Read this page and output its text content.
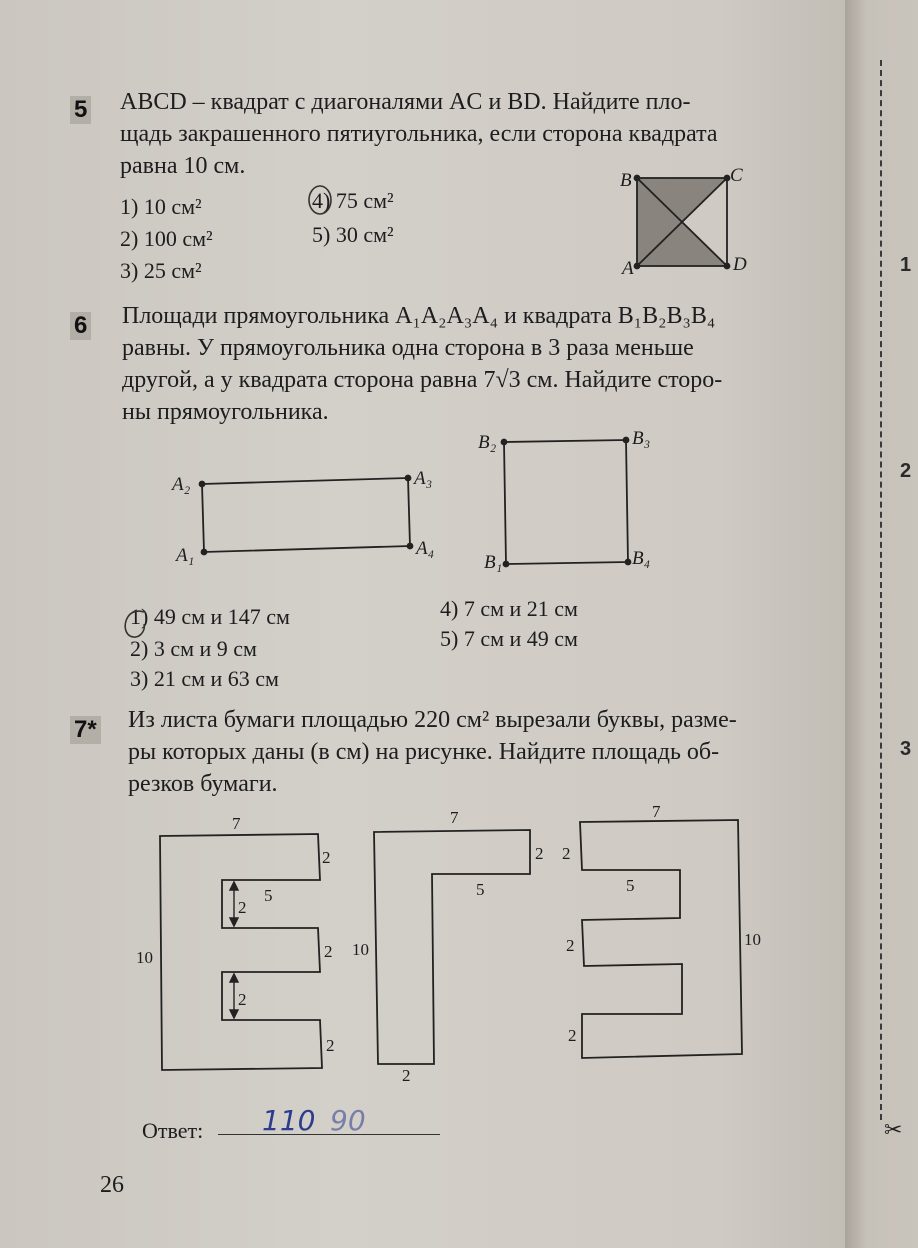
✂
1
2
3
5 ABCD – квадрат с диагоналями AC и BD. Найдите пло-

щадь закрашенного пятиугольника, если сторона квадрата

равна 10 см.

1) 10 см²
2) 100 см²
3) 25 см²
4) 75 см²
5) 30 см²
B	C
A	D
6 Площади прямоугольника A₁A₂A₃A₄ и квадрата B₁B₂B₃B₄

равны. У прямоугольника одна сторона в 3 раза меньше

другой, а у квадрата сторона равна 7√3 см. Найдите сторо-

ны прямоугольника.

A₂	A₃
A₁	A₄
B₂	B₃
B₁	B₄
1) 49 см и 147 см
2) 3 см и 9 см
3) 21 см и 63 см
4) 7 см и 21 см
5) 7 см и 49 см
7* Из листа бумаги площадью 220 см² вырезали буквы, разме-

ры которых даны (в см) на рисунке. Найдите площадь об-

резков бумаги.

7
10
2
5
2
2
2
2
7
10
2
5
2
7
10
2
5
2
2
Ответ: 110 90
26
